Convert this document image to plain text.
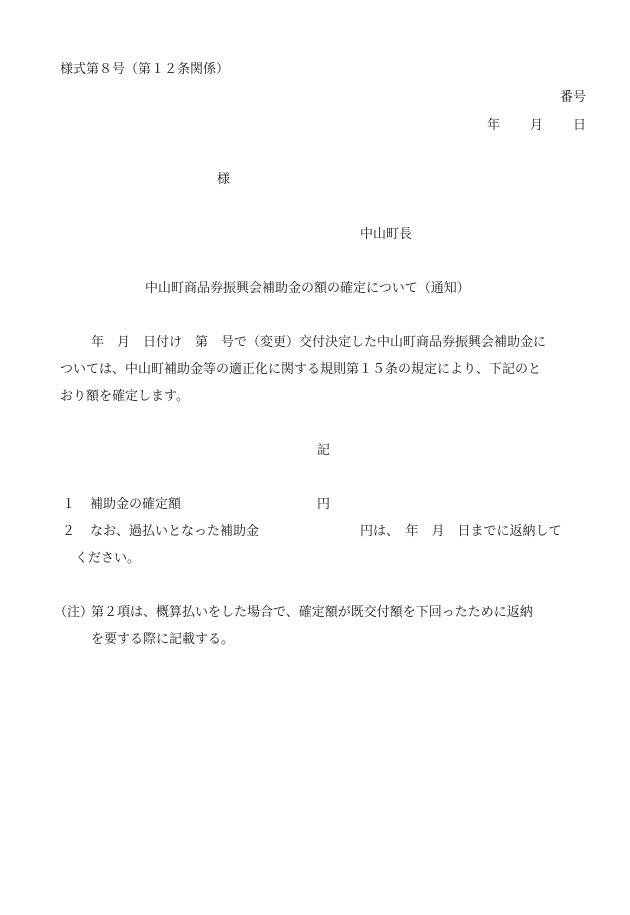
様式第８号（第１２条関係）
番号
年 月 日
様
中山町長
中山町商品券振興会補助金の額の確定について（通知）
年　月　日付け　第　号で（変更）交付決定した中山町商品券振興会補助金に
ついては、中山町補助金等の適正化に関する規則第１５条の規定により、下記のと
おり額を確定します。
記
１ 補助金の確定額	円
２ なお、過払いとなった補助金	円は、　年　月　日までに返納して
ください。
（注）
第２項は、概算払いをした場合で、確定額が既交付額を下回ったために返納
を要する際に記載する。
